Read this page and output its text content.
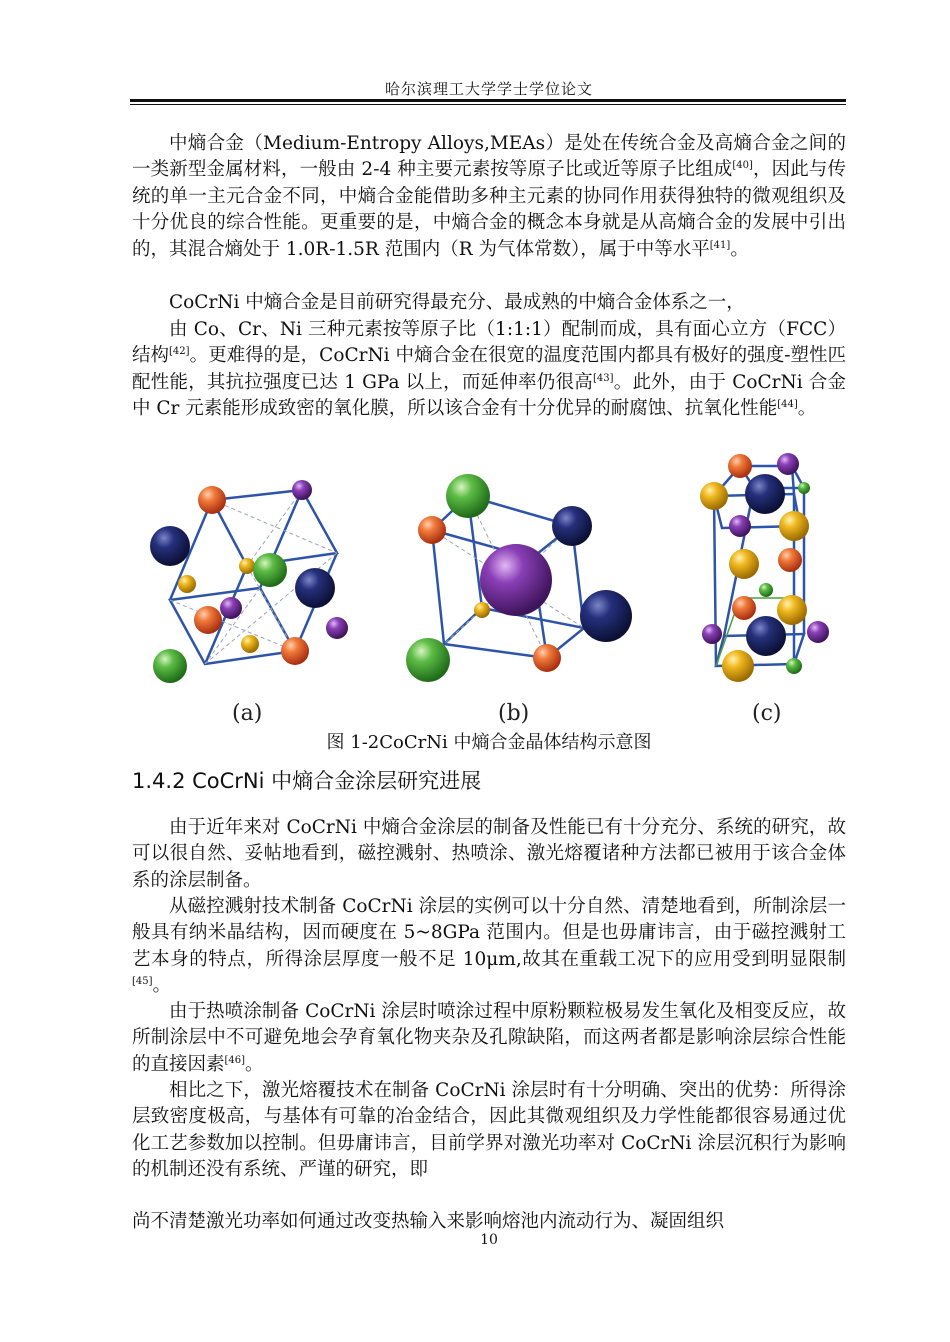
哈尔滨理工大学学士学位论文

中熵合金（Medium-Entropy Alloys,MEAs）是处在传统合金及高熵合金之间的一类新型金属材料，一般由 2-4 种主要元素按等原子比或近等原子比组成[40]，因此与传统的单一主元合金不同，中熵合金能借助多种主元素的协同作用获得独特的微观组织及十分优良的综合性能。更重要的是，中熵合金的概念本身就是从高熵合金的发展中引出的，其混合熵处于 1.0R-1.5R 范围内（R 为气体常数），属于中等水平[41]。

CoCrNi 中熵合金是目前研究得最充分、最成熟的中熵合金体系之一，

由 Co、Cr、Ni 三种元素按等原子比（1:1:1）配制而成，具有面心立方（FCC）结构[42]。更难得的是，CoCrNi 中熵合金在很宽的温度范围内都具有极好的强度-塑性匹配性能，其抗拉强度已达 1 GPa 以上，而延伸率仍很高[43]。此外，由于 CoCrNi 合金中 Cr 元素能形成致密的氧化膜，所以该合金有十分优异的耐腐蚀、抗氧化性能[44]。

(a)	(b)	(c)
图 1-2CoCrNi 中熵合金晶体结构示意图
1.4.2 CoCrNi 中熵合金涂层研究进展

由于近年来对 CoCrNi 中熵合金涂层的制备及性能已有十分充分、系统的研究，故可以很自然、妥帖地看到，磁控溅射、热喷涂、激光熔覆诸种方法都已被用于该合金体系的涂层制备。

从磁控溅射技术制备 CoCrNi 涂层的实例可以十分自然、清楚地看到，所制涂层一般具有纳米晶结构，因而硬度在 5~8GPa 范围内。但是也毋庸讳言，由于磁控溅射工艺本身的特点，所得涂层厚度一般不足 10μm,故其在重载工况下的应用受到明显限制[45]。

由于热喷涂制备 CoCrNi 涂层时喷涂过程中原粉颗粒极易发生氧化及相变反应，故所制涂层中不可避免地会孕育氧化物夹杂及孔隙缺陷，而这两者都是影响涂层综合性能的直接因素[46]。

相比之下，激光熔覆技术在制备 CoCrNi 涂层时有十分明确、突出的优势：所得涂层致密度极高，与基体有可靠的冶金结合，因此其微观组织及力学性能都很容易通过优化工艺参数加以控制。但毋庸讳言，目前学界对激光功率对 CoCrNi 涂层沉积行为影响的机制还没有系统、严谨的研究，即

尚不清楚激光功率如何通过改变热输入来影响熔池内流动行为、凝固组织

10
